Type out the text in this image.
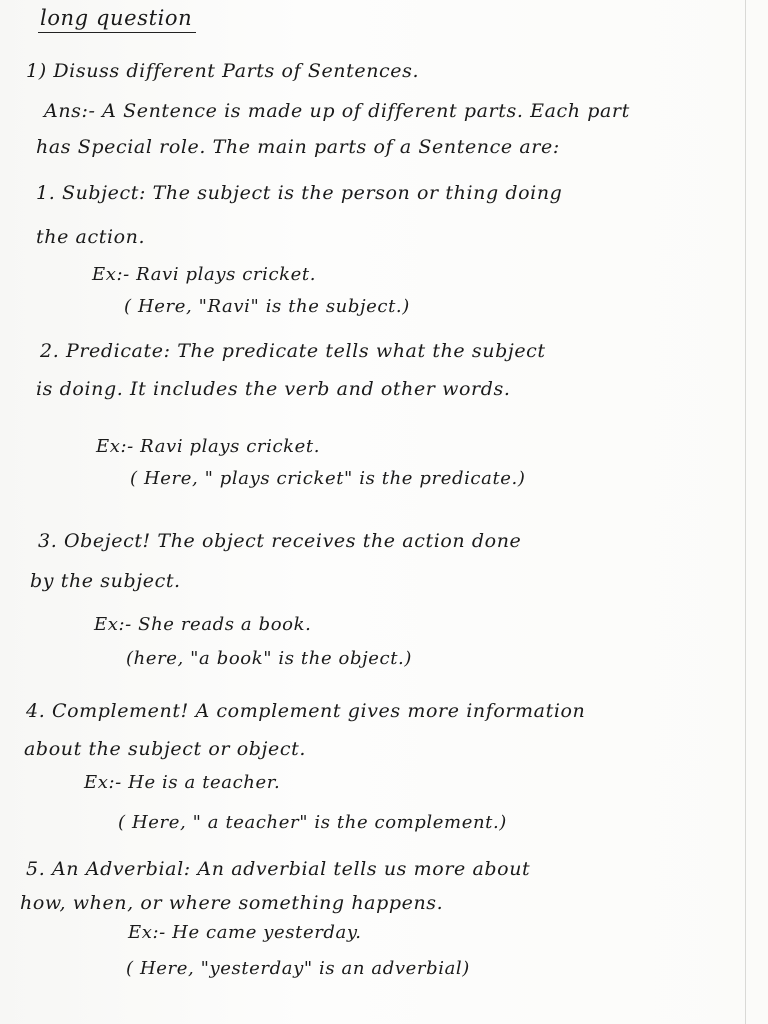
long question
1) Disuss different Parts of Sentences.
Ans:- A Sentence is made up of different parts. Each part
has Special role. The main parts of a Sentence are:
1. Subject: The subject is the person or thing doing
the action.
Ex:- Ravi plays cricket.
( Here, "Ravi" is the subject.)
2. Predicate: The predicate tells what the subject
is doing. It includes the verb and other words.
Ex:- Ravi plays cricket.
( Here, " plays cricket" is the predicate.)
3. Obeject! The object receives the action done
by the subject.
Ex:- She reads a book.
(here, "a book" is the object.)
4. Complement! A complement gives more information
about the subject or object.
Ex:- He is a teacher.
( Here, " a teacher" is the complement.)
5. An Adverbial: An adverbial tells us more about
how, when, or where something happens.
Ex:- He came yesterday.
( Here, "yesterday" is an adverbial)
